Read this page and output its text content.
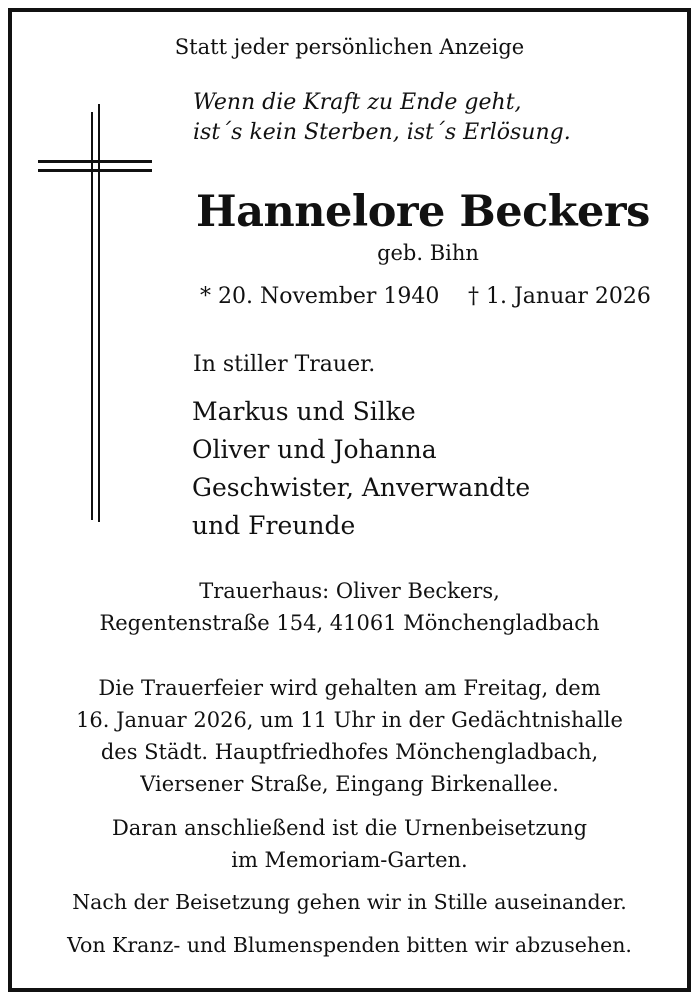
Statt jeder persönlichen Anzeige
Wenn die Kraft zu Ende geht,
ist´s kein Sterben, ist´s Erlösung.
Hannelore Beckers
geb. Bihn
* 20. November 1940 † 1. Januar 2026
In stiller Trauer.
Markus und Silke
Oliver und Johanna
Geschwister, Anverwandte
und Freunde
Trauerhaus: Oliver Beckers,
Regentenstraße 154, 41061 Mönchengladbach
Die Trauerfeier wird gehalten am Freitag, dem
16. Januar 2026, um 11 Uhr in der Gedächtnishalle
des Städt. Hauptfriedhofes Mönchengladbach,
Viersener Straße, Eingang Birkenallee.
Daran anschließend ist die Urnenbeisetzung
im Memoriam-Garten.
Nach der Beisetzung gehen wir in Stille auseinander.
Von Kranz- und Blumenspenden bitten wir abzusehen.
